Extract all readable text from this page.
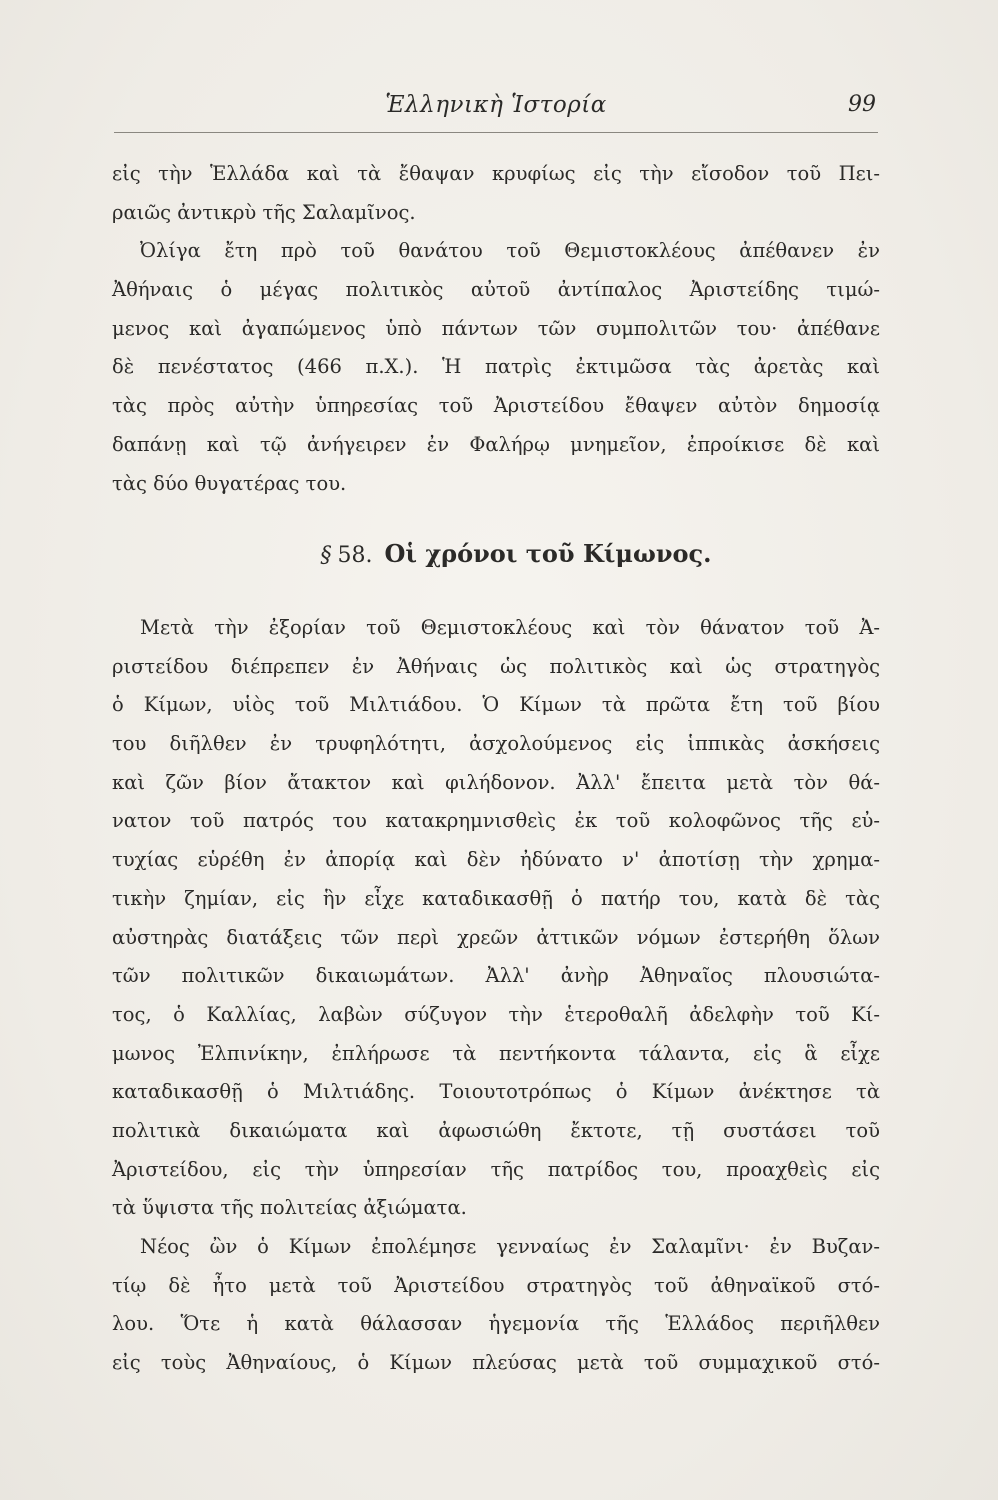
Ἑλληνικὴ Ἱστορία	99
εἰς τὴν Ἑλλάδα καὶ τὰ ἔθαψαν κρυφίως εἰς τὴν εἴσοδον τοῦ Πει-
ραιῶς ἀντικρὺ τῆς Σαλαμῖνος.
Ὀλίγα ἔτη πρὸ τοῦ θανάτου τοῦ Θεμιστοκλέους ἀπέθανεν ἐν
Ἀθήναις ὁ μέγας πολιτικὸς αὐτοῦ ἀντίπαλος Ἀριστείδης τιμώ-
μενος καὶ ἀγαπώμενος ὑπὸ πάντων τῶν συμπολιτῶν του· ἀπέθανε
δὲ πενέστατος (466 π.Χ.). Ἡ πατρὶς ἐκτιμῶσα τὰς ἀρετὰς καὶ
τὰς πρὸς αὐτὴν ὑπηρεσίας τοῦ Ἀριστείδου ἔθαψεν αὐτὸν δημοσίᾳ
δαπάνῃ καὶ τῷ ἀνήγειρεν ἐν Φαλήρῳ μνημεῖον, ἐπροίκισε δὲ καὶ
τὰς δύο θυγατέρας του.
§ 58. Οἱ χρόνοι τοῦ Κίμωνος.
Μετὰ τὴν ἐξορίαν τοῦ Θεμιστοκλέους καὶ τὸν θάνατον τοῦ Ἀ-
ριστείδου διέπρεπεν ἐν Ἀθήναις ὡς πολιτικὸς καὶ ὡς στρατηγὸς
ὁ Κίμων, υἱὸς τοῦ Μιλτιάδου. Ὁ Κίμων τὰ πρῶτα ἔτη τοῦ βίου
του διῆλθεν ἐν τρυφηλότητι, ἀσχολούμενος εἰς ἱππικὰς ἀσκήσεις
καὶ ζῶν βίον ἄτακτον καὶ φιλήδονον. Ἀλλ' ἔπειτα μετὰ τὸν θά-
νατον τοῦ πατρός του κατακρημνισθεὶς ἐκ τοῦ κολοφῶνος τῆς εὐ-
τυχίας εὑρέθη ἐν ἀπορίᾳ καὶ δὲν ἠδύνατο ν' ἀποτίσῃ τὴν χρημα-
τικὴν ζημίαν, εἰς ἣν εἶχε καταδικασθῇ ὁ πατήρ του, κατὰ δὲ τὰς
αὐστηρὰς διατάξεις τῶν περὶ χρεῶν ἀττικῶν νόμων ἐστερήθη ὅλων
τῶν πολιτικῶν δικαιωμάτων. Ἀλλ' ἀνὴρ Ἀθηναῖος πλουσιώτα-
τος, ὁ Καλλίας, λαβὼν σύζυγον τὴν ἑτεροθαλῆ ἀδελφὴν τοῦ Κί-
μωνος Ἐλπινίκην, ἐπλήρωσε τὰ πεντήκοντα τάλαντα, εἰς ἃ εἶχε
καταδικασθῇ ὁ Μιλτιάδης. Τοιουτοτρόπως ὁ Κίμων ἀνέκτησε τὰ
πολιτικὰ δικαιώματα καὶ ἀφωσιώθη ἔκτοτε, τῇ συστάσει τοῦ
Ἀριστείδου, εἰς τὴν ὑπηρεσίαν τῆς πατρίδος του, προαχθεὶς εἰς
τὰ ὕψιστα τῆς πολιτείας ἀξιώματα.
Νέος ὢν ὁ Κίμων ἐπολέμησε γενναίως ἐν Σαλαμῖνι· ἐν Βυζαν-
τίῳ δὲ ἦτο μετὰ τοῦ Ἀριστείδου στρατηγὸς τοῦ ἀθηναϊκοῦ στό-
λου. Ὅτε ἡ κατὰ θάλασσαν ἡγεμονία τῆς Ἑλλάδος περιῆλθεν
εἰς τοὺς Ἀθηναίους, ὁ Κίμων πλεύσας μετὰ τοῦ συμμαχικοῦ στό-
